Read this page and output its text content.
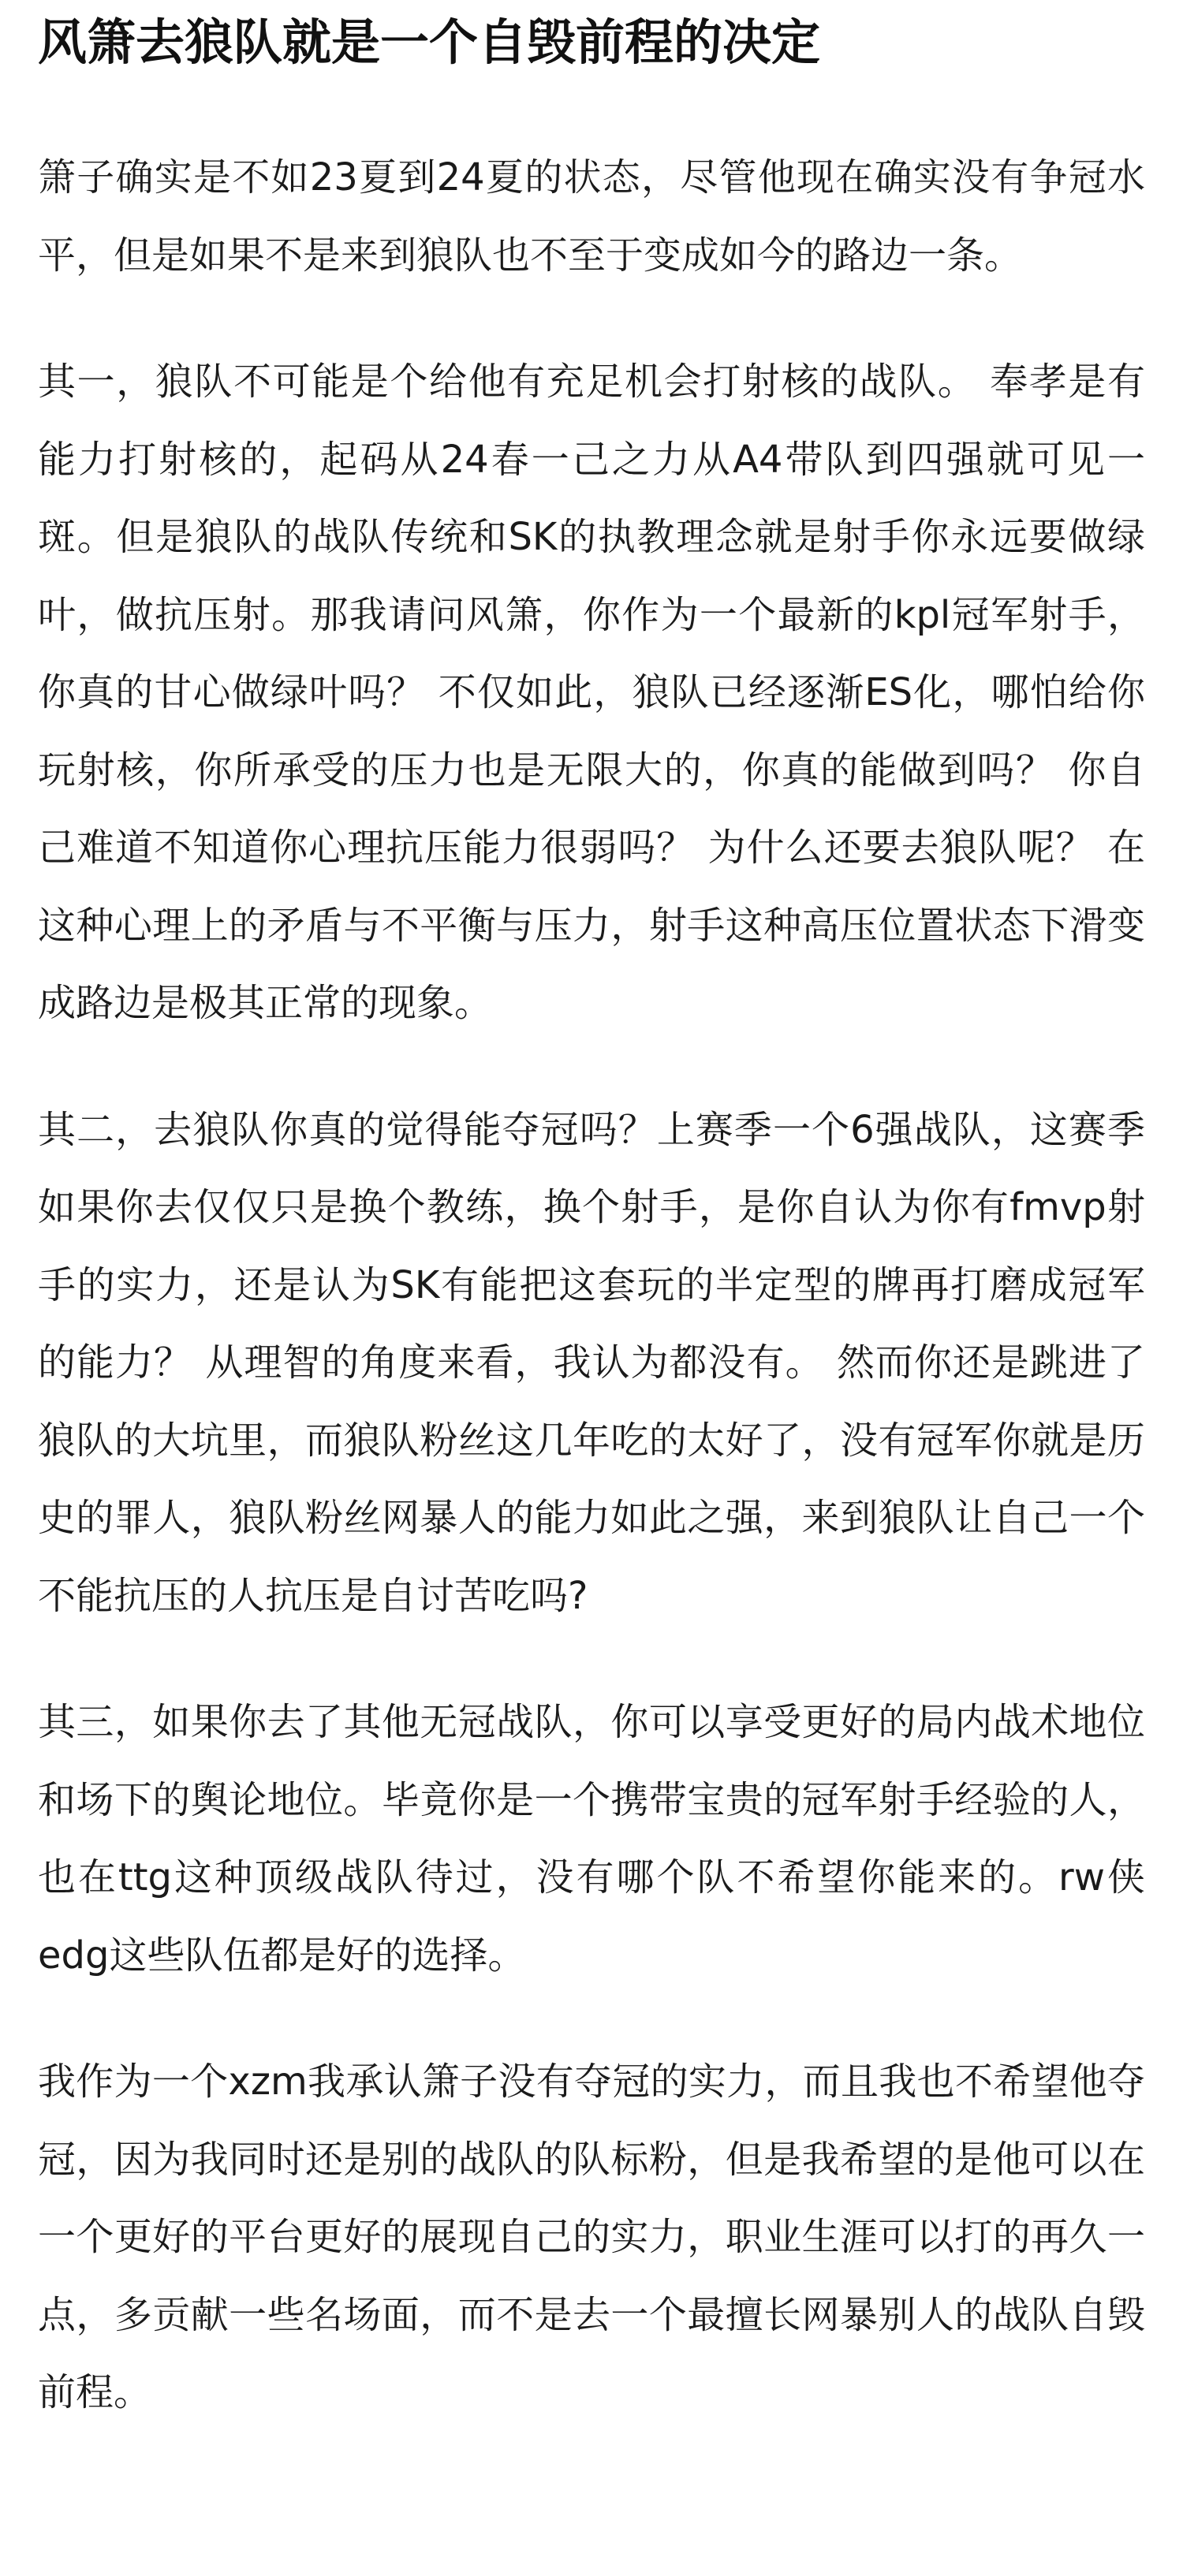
风箫去狼队就是一个自毁前程的决定

箫子确实是不如23夏到24夏的状态，尽管他现在确实没有争冠水平，但是如果不是来到狼队也不至于变成如今的路边一条。

其一，狼队不可能是个给他有充足机会打射核的战队。 奉孝是有能力打射核的，起码从24春一己之力从A4带队到四强就可见一斑。但是狼队的战队传统和SK的执教理念就是射手你永远要做绿叶，做抗压射。那我请问风箫，你作为一个最新的kpl冠军射手，你真的甘心做绿叶吗？ 不仅如此，狼队已经逐渐ES化，哪怕给你玩射核，你所承受的压力也是无限大的，你真的能做到吗？ 你自己难道不知道你心理抗压能力很弱吗？ 为什么还要去狼队呢？ 在这种心理上的矛盾与不平衡与压力，射手这种高压位置状态下滑变成路边是极其正常的现象。

其二，去狼队你真的觉得能夺冠吗？上赛季一个6强战队，这赛季如果你去仅仅只是换个教练，换个射手，是你自认为你有fmvp射手的实力，还是认为SK有能把这套玩的半定型的牌再打磨成冠军的能力？ 从理智的角度来看，我认为都没有。 然而你还是跳进了狼队的大坑里，而狼队粉丝这几年吃的太好了，没有冠军你就是历史的罪人，狼队粉丝网暴人的能力如此之强，来到狼队让自己一个不能抗压的人抗压是自讨苦吃吗?

其三，如果你去了其他无冠战队，你可以享受更好的局内战术地位和场下的舆论地位。毕竟你是一个携带宝贵的冠军射手经验的人，也在ttg这种顶级战队待过，没有哪个队不希望你能来的。rw侠 edg这些队伍都是好的选择。

我作为一个xzm我承认箫子没有夺冠的实力，而且我也不希望他夺冠，因为我同时还是别的战队的队标粉，但是我希望的是他可以在一个更好的平台更好的展现自己的实力，职业生涯可以打的再久一点，多贡献一些名场面，而不是去一个最擅长网暴别人的战队自毁前程。
